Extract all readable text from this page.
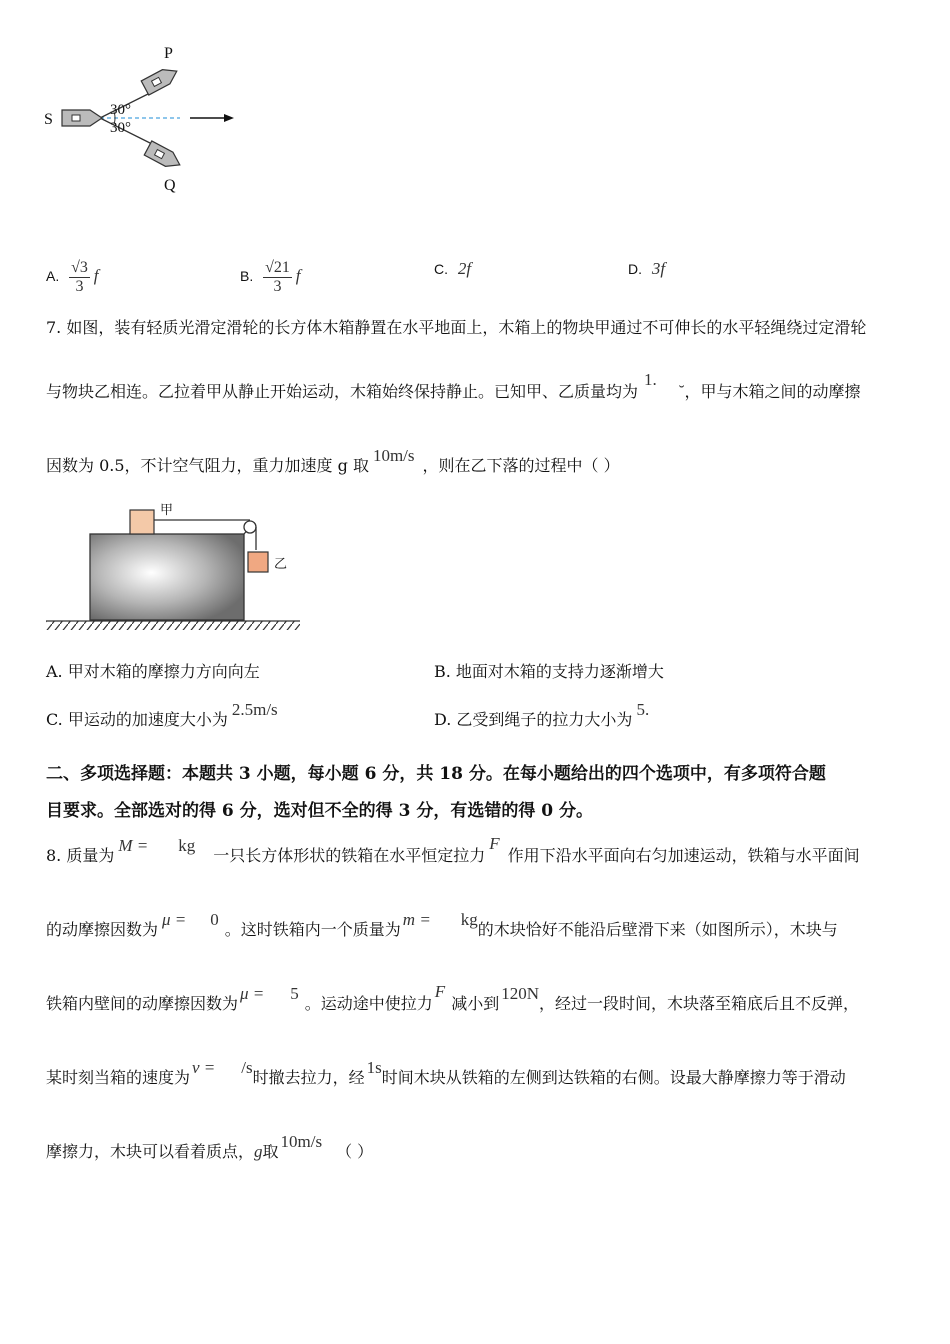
P
Q
S
30°
30°
A. $\frac{√3}{3}$ f	B. $\frac{√21}{3}$ f	C. 2f	D. 3f
7. 如图，装有轻质光滑定滑轮的长方体木箱静置在水平地面上，木箱上的物块甲通过不可伸长的水平轻绳绕过定滑轮
与物块乙相连。乙拉着甲从静止开始运动，木箱始终保持静止。已知甲、乙质量均为1.˘，甲与木箱之间的动摩擦
因数为 0.5，不计空气阻力，重力加速度 g 取10m/s，则在乙下落的过程中（ ）
甲
乙
A. 甲对木箱的摩擦力方向向左	B. 地面对木箱的支持力逐渐增大
C. 甲运动的加速度大小为2.5m/s
D. 乙受到绳子的拉力大小为5.
二、多项选择题：本题共 3 小题，每小题 6 分，共 18 分。在每小题给出的四个选项中，有多项符合题
目要求。全部选对的得 6 分，选对但不全的得 3 分，有选错的得 0 分。
8. 质量为M = kg一只长方体形状的铁箱在水平恒定拉力F作用下沿水平面向右匀加速运动，铁箱与水平面间
的动摩擦因数为μ = 0。这时铁箱内一个质量为m = kg的木块恰好不能沿后壁滑下来（如图所示），木块与
铁箱内壁间的动摩擦因数为μ = 5。运动途中使拉力F减小到120N，经过一段时间，木块落至箱底后且不反弹，
某时刻当箱的速度为v = /s时撤去拉力，经1s时间木块从铁箱的左侧到达铁箱的右侧。设最大静摩擦力等于滑动
摩擦力，木块可以看着质点，g取10m/s（ ）
